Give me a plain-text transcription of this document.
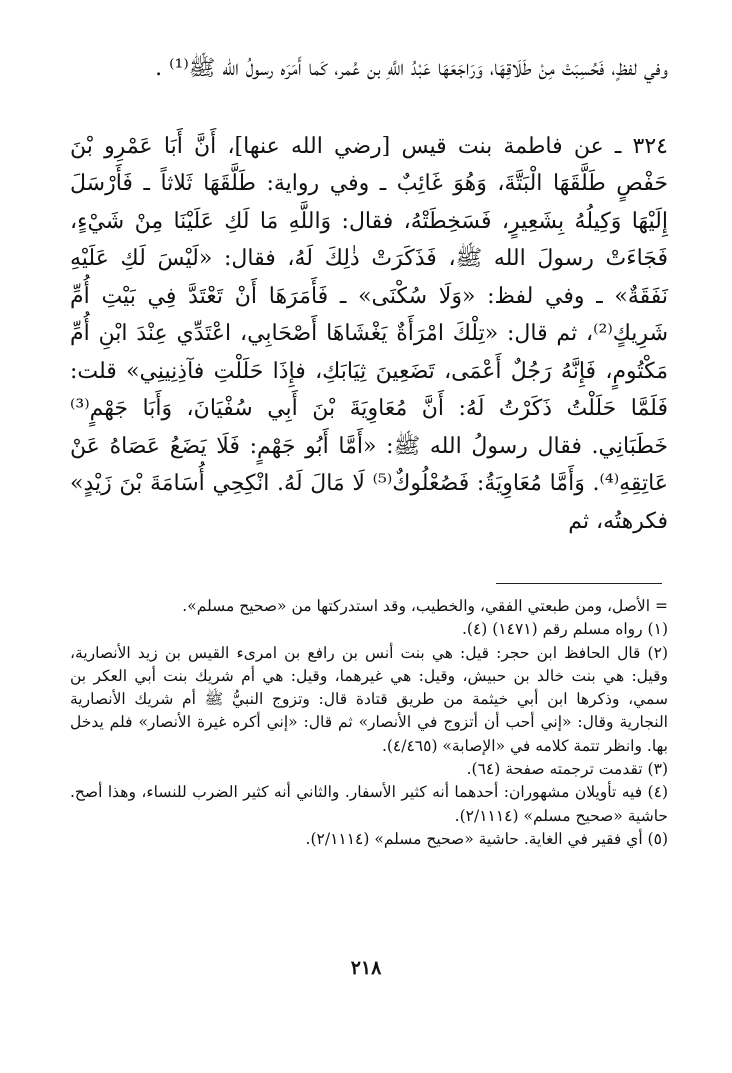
وفي لفظٍ، فَحُسِبَتْ مِنْ طَلَاقِهَا، وَرَاجَعَهَا عَبْدُ اللَّهِ بن عُمر، كَما أَمَرَه رسولُ الله ﷺ⁽¹⁾ .

٣٢٤ ـ عن فاطمة بنت قيس [رضي الله عنها]، أَنَّ أَبَا عَمْرِو بْنَ حَفْصٍ طَلَّقَهَا الْبَتَّةَ، وَهُوَ غَائِبٌ ـ وفي رواية: طَلَّقَهَا ثَلاثاً ـ فَأَرْسَلَ إِلَيْهَا وَكِيلُهُ بِشَعِيرٍ، فَسَخِطَتْهُ، فقال: وَاللَّهِ مَا لَكِ عَلَيْنَا مِنْ شَيْءٍ، فَجَاءَتْ رسولَ الله ﷺ، فَذَكَرَتْ ذٰلِكَ لَهُ، فقال: «لَيْسَ لَكِ عَلَيْهِ نَفَقَةٌ» ـ وفي لفظ: «وَلَا سُكْنَى» ـ فَأَمَرَهَا أَنْ تَعْتَدَّ فِي بَيْتِ أُمِّ شَرِيكٍ⁽²⁾، ثم قال: «تِلْكَ امْرَأَةٌ يَغْشَاهَا أَصْحَابِي، اعْتَدِّي عِنْدَ ابْنِ أُمِّ مَكْتُومٍ، فَإِنَّهُ رَجُلٌ أَعْمَى، تَضَعِينَ ثِيَابَكِ، فإِذَا حَلَلْتِ فآذِنِينِي» قلت: فَلَمَّا حَلَلْتُ ذَكَرْتُ لَهُ: أَنَّ مُعَاوِيَةَ بْنَ أَبِي سُفْيَانَ، وَأَبَا جَهْمٍ⁽³⁾ خَطَبَانِي. فقال رسولُ الله ﷺ: «أَمَّا أَبُو جَهْمٍ: فَلَا يَضَعُ عَصَاهُ عَنْ عَاتِقِهِ⁽⁴⁾. وَأَمَّا مُعَاوِيَةُ: فَصُعْلُوكٌ⁽⁵⁾ لَا مَالَ لَهُ. انْكِحِي أُسَامَةَ بْنَ زَيْدٍ» فكرهتُه، ثم

= الأصل، ومن طبعتي الفقي، والخطيب، وقد استدركتها من «صحيح مسلم».

(١) رواه مسلم رقم (١٤٧١) (٤).

(٢) قال الحافظ ابن حجر: قيل: هي بنت أنس بن رافع بن امرىء القيس بن زيد الأنصارية، وقيل: هي بنت خالد بن حبيش، وقيل: هي غيرهما، وقيل: هي أم شريك بنت أبي العكر بن سمي، وذكرها ابن أبي خيثمة من طريق قتادة قال: وتزوج النبيُّ ﷺ أم شريك الأنصارية النجارية وقال: «إني أحب أن أتزوج في الأنصار» ثم قال: «إني أكره غيرة الأنصار» فلم يدخل بها. وانظر تتمة كلامه في «الإصابة» (٤/٤٦٥).

(٣) تقدمت ترجمته صفحة (٦٤).

(٤) فيه تأويلان مشهوران: أحدهما أنه كثير الأسفار. والثاني أنه كثير الضرب للنساء، وهذا أصح. حاشية «صحيح مسلم» (٢/١١١٤).

(٥) أي فقير في الغاية. حاشية «صحيح مسلم» (٢/١١١٤).

٢١٨
